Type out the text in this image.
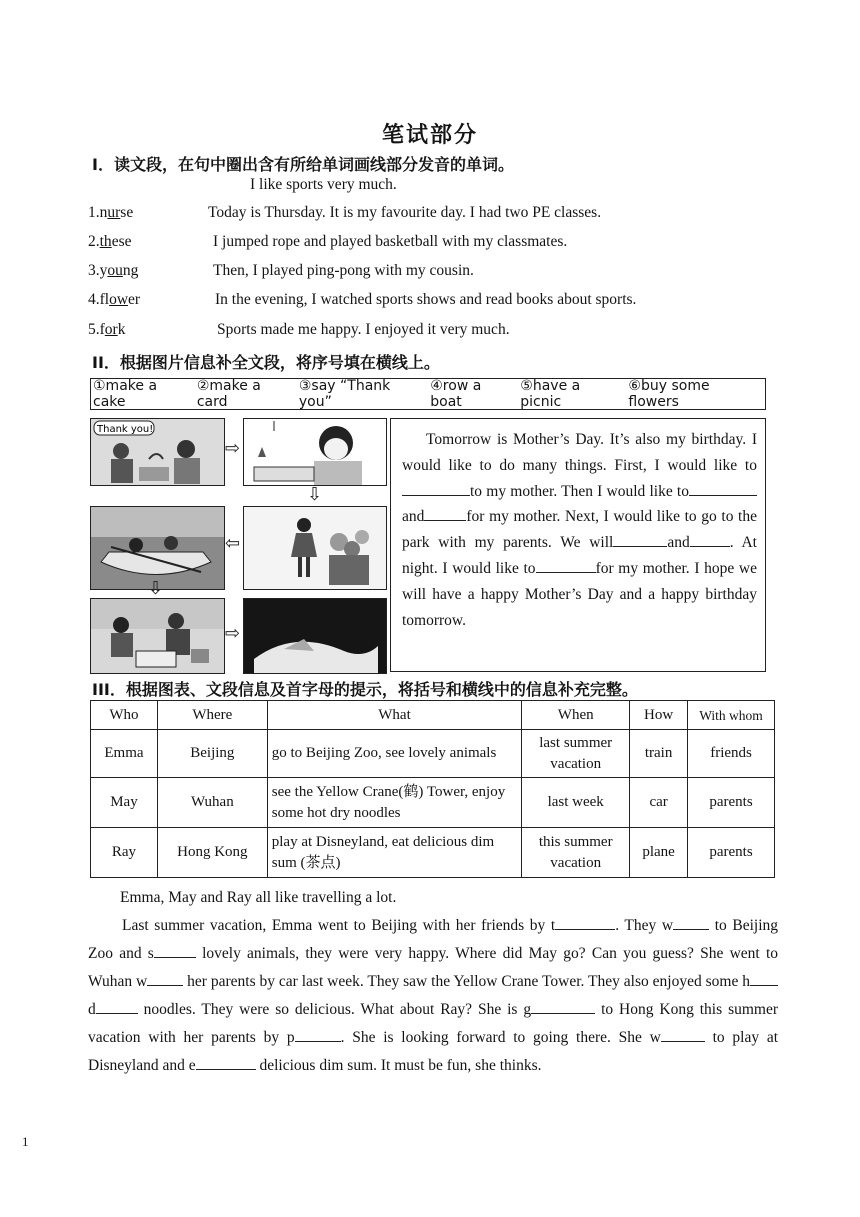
笔试部分
I．读文段，在句中圈出含有所给单词画线部分发音的单词。
I like sports very much.
1.nurse	Today is Thursday. It is my favourite day. I had two PE classes.
2.these	I jumped rope and played basketball with my classmates.
3.young	Then, I played ping-pong with my cousin.
4.flower	In the evening, I watched sports shows and read books about sports.
5.fork	Sports made me happy. I enjoyed it very much.
II．根据图片信息补全文段，将序号填在横线上。
①make a cake
②make a card
③say “Thank you”
④row a boat
⑤have a picnic
⑥buy some flowers
Thank you!
⇨
⇩
⇦
⇩
⇨
Tomorrow is Mother’s Day. It’s also my birthday. I would like to do many things. First, I would like toto my mother. Then I would like toand	for my mother. Next, I would like to go to the park with my parents. We will	and	. At night. I would like to	for my mother. I hope we will have a happy Mother’s Day and a happy birthday tomorrow.
III．根据图表、文段信息及首字母的提示，将括号和横线中的信息补充完整。
Who	Where	What	When	How	With whom
Emma	Beijing	go to Beijing Zoo, see lovely animals	last summer vacation	train	friends
May	Wuhan	see the Yellow Crane(鹤) Tower, enjoy some hot dry noodles	last week	car	parents
Ray	Hong Kong	play at Disneyland, eat delicious dim sum (茶点)	this summer vacation	plane	parents
Emma, May and Ray all like travelling a lot.
Last summer vacation, Emma went to Beijing with her friends by t	. They w	to Beijing Zoo and s	lovely animals, they were very happy. Where did May go? Can you guess? She went to Wuhan w	her parents by car last week. They saw the Yellow Crane Tower. They also enjoyed some h d	noodles. They were so delicious. What about Ray? She is g	to Hong Kong this summer vacation with her parents by p	. She is looking forward to going there. She w	to play at Disneyland and e	delicious dim sum. It must be fun, she thinks.
1
